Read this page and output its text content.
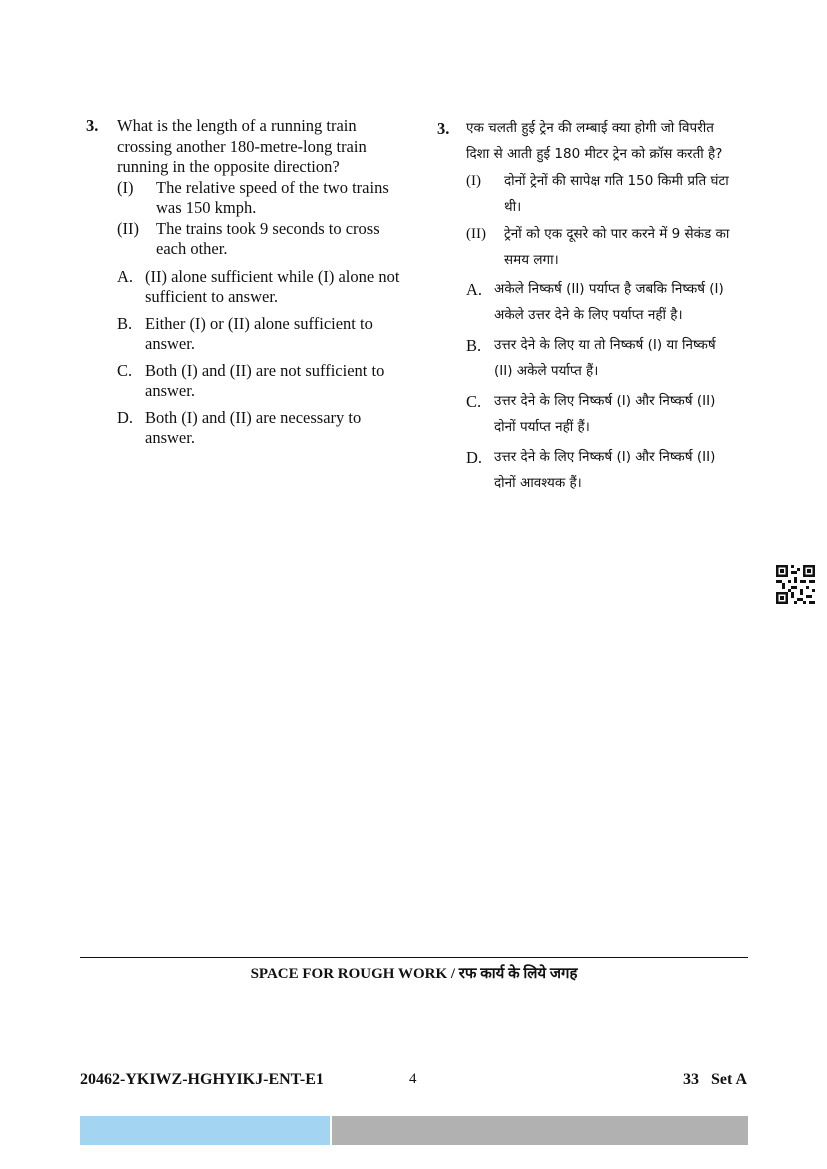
3.	What is the length of a running train crossing another 180-metre-long train running in the opposite direction?
(I)	The relative speed of the two trains was 150 kmph.
(II)	The trains took 9 seconds to cross each other.
A. (II) alone sufficient while (I) alone not sufficient to answer.
B. Either (I) or (II) alone sufficient to answer.
C. Both (I) and (II) are not sufficient to answer.
D. Both (I) and (II) are necessary to answer.
3.	एक चलती हुई ट्रेन की लम्बाई क्या होगी जो विपरीत दिशा से आती हुई 180 मीटर ट्रेन को क्रॉस करती है?
(I)	दोनों ट्रेनों की सापेक्ष गति 150 किमी प्रति घंटा थी।
(II)	ट्रेनों को एक दूसरे को पार करने में 9 सेकंड का समय लगा।
A. अकेले निष्कर्ष (II) पर्याप्त है जबकि निष्कर्ष (I) अकेले उत्तर देने के लिए पर्याप्त नहीं है।
B. उत्तर देने के लिए या तो निष्कर्ष (I) या निष्कर्ष (II) अकेले पर्याप्त हैं।
C. उत्तर देने के लिए निष्कर्ष (I) और निष्कर्ष (II) दोनों पर्याप्त नहीं हैं।
D. उत्तर देने के लिए निष्कर्ष (I) और निष्कर्ष (II) दोनों आवश्यक हैं।
SPACE FOR ROUGH WORK / रफ कार्य के लिये जगह
20462-YKIWZ-HGHYIKJ-ENT-E1	4	33 Set A
